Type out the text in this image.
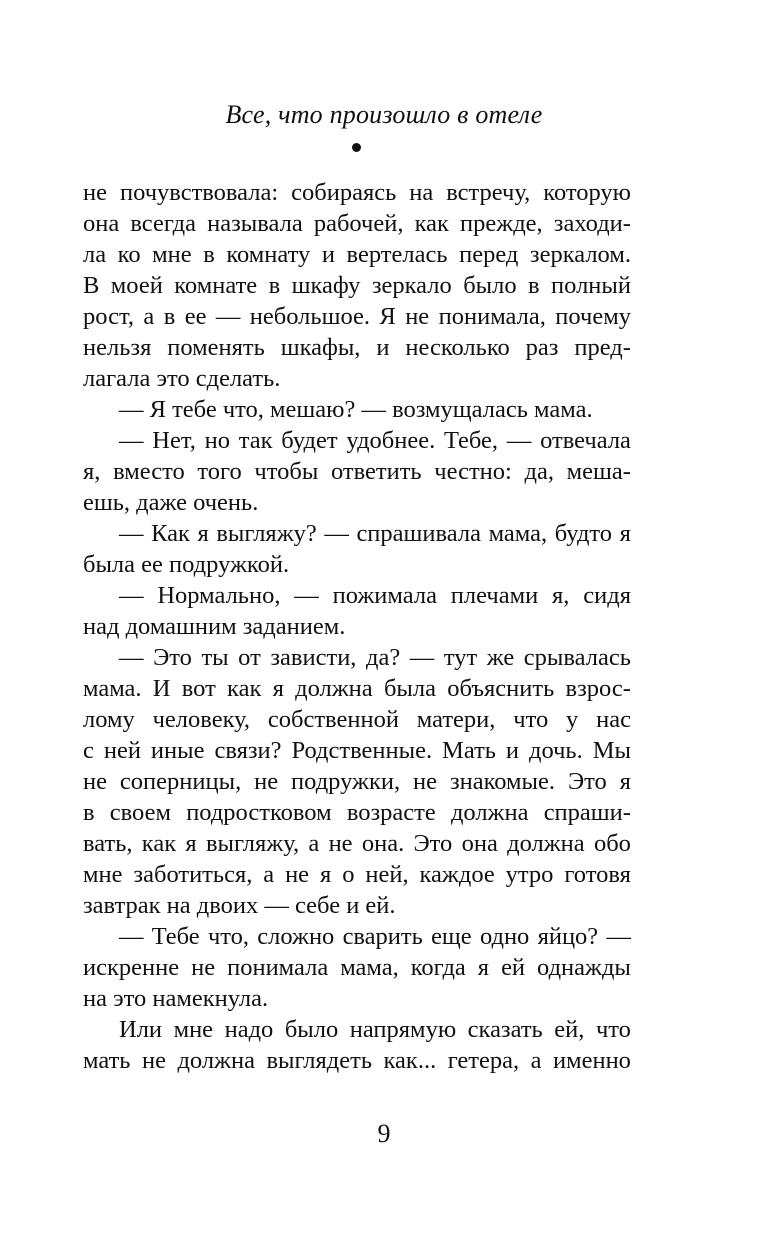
Все, что произошло в отеле
не почувствовала: собираясь на встречу, которую
она всегда называла рабочей, как прежде, заходи-
ла ко мне в комнату и вертелась перед зеркалом.
В моей комнате в шкафу зеркало было в полный
рост, а в ее — небольшое. Я не понимала, почему
нельзя поменять шкафы, и несколько раз пред-
лагала это сделать.
— Я тебе что, мешаю? — возмущалась мама.
— Нет, но так будет удобнее. Тебе, — отвечала
я, вместо того чтобы ответить честно: да, меша-
ешь, даже очень.
— Как я выгляжу? — спрашивала мама, будто я
была ее подружкой.
— Нормально, — пожимала плечами я, сидя
над домашним заданием.
— Это ты от зависти, да? — тут же срывалась
мама. И вот как я должна была объяснить взрос-
лому человеку, собственной матери, что у нас
с ней иные связи? Родственные. Мать и дочь. Мы
не соперницы, не подружки, не знакомые. Это я
в своем подростковом возрасте должна спраши-
вать, как я выгляжу, а не она. Это она должна обо
мне заботиться, а не я о ней, каждое утро готовя
завтрак на двоих — себе и ей.
— Тебе что, сложно сварить еще одно яйцо? —
искренне не понимала мама, когда я ей однажды
на это намекнула.
Или мне надо было напрямую сказать ей, что
мать не должна выглядеть как... гетера, а именно
9
